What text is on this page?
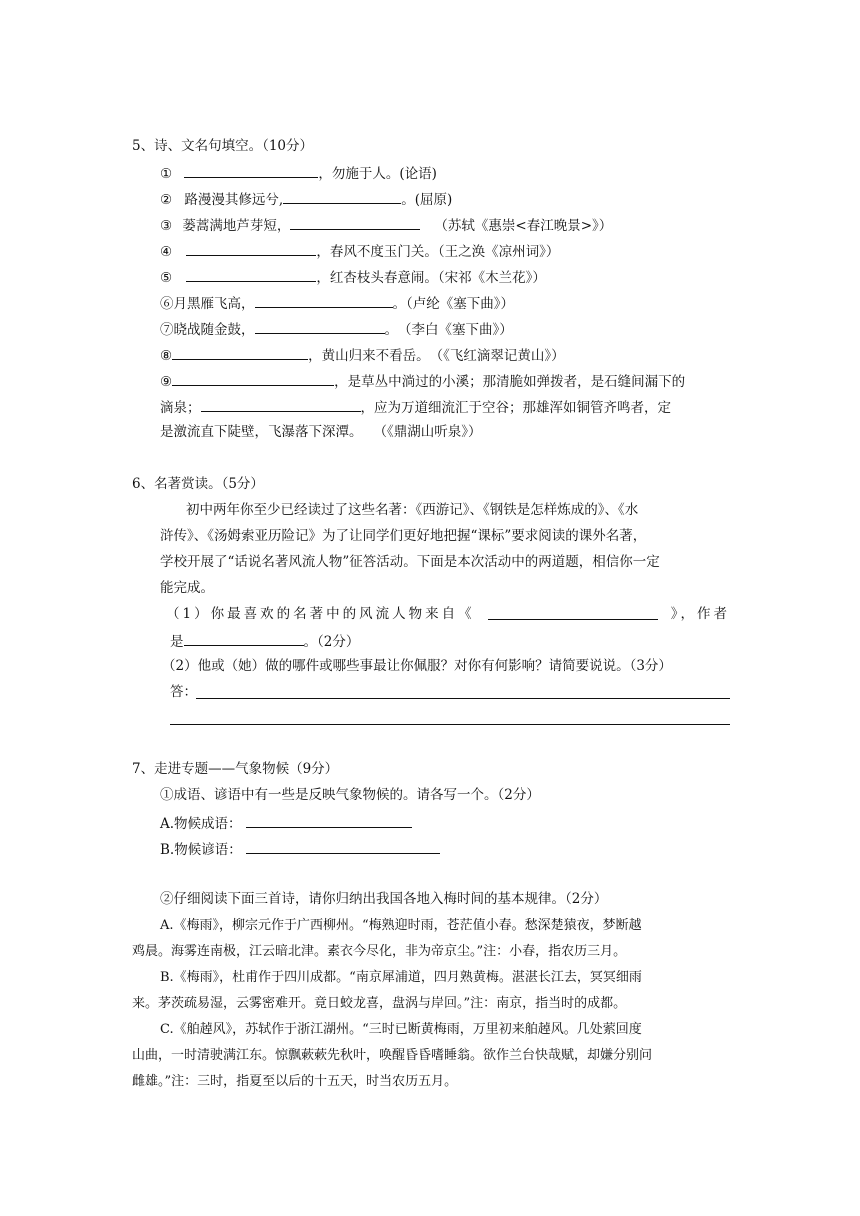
5、诗、文名句填空。（10分）
①	，勿施于人。(论语)
② 路漫漫其修远兮,	。(屈原)
③ 蒌蒿满地芦芽短，	（苏轼《惠崇<春江晚景>》）
④	，春风不度玉门关。（王之涣《凉州词》）
⑤	，红杏枝头春意闹。（宋祁《木兰花》）
⑥月黑雁飞高，	。（卢纶《塞下曲》）
⑦晓战随金鼓，	。　（李白《塞下曲》）
⑧	，黄山归来不看岳。　（《飞红滴翠记黄山》）
⑨	，是草丛中淌过的小溪；那清脆如弹拨者，是石缝间漏下的
滴泉；	，应为万道细流汇于空谷；那雄浑如铜管齐鸣者，定
是激流直下陡壁，飞瀑落下深潭。　 （《鼎湖山听泉》）
6、名著赏读。（5分）
初中两年你至少已经读过了这些名著：《西游记》、《钢铁是怎样炼成的》、《水
浒传》、《汤姆索亚历险记》为了让同学们更好地把握“课标”要求阅读的课外名著，
学校开展了“话说名著风流人物”征答活动。下面是本次活动中的两道题，相信你一定
能完成。
（1）你最喜欢的名著中的风流人物来自《	》，作者
是	。（2分）
（2）他或（她）做的哪件或哪些事最让你佩服？对你有何影响？请简要说说。（3分）
答：
7、走进专题——气象物候（9分）
①成语、谚语中有一些是反映气象物候的。请各写一个。（2分）
A.物候成语：
B.物候谚语：
②仔细阅读下面三首诗，请你归纳出我国各地入梅时间的基本规律。（2分）
A.《梅雨》，柳宗元作于广西柳州。“梅熟迎时雨，苍茫值小春。愁深楚猿夜，梦断越
鸡晨。海雾连南极，江云暗北津。素衣今尽化，非为帝京尘。”注：小春，指农历三月。
B.《梅雨》，杜甫作于四川成都。“南京犀浦道，四月熟黄梅。湛湛长江去，冥冥细雨
来。茅茨疏易湿，云雾密难开。竟日蛟龙喜，盘涡与岸回。”注：南京，指当时的成都。
C.《舶趠风》，苏轼作于浙江湖州。“三时已断黄梅雨，万里初来舶趠风。几处萦回度
山曲，一时清驶满江东。惊飘蔌蔌先秋叶，唤醒昏昏嗜睡翁。欲作兰台快哉赋，却嫌分别问
雌雄。”注：三时，指夏至以后的十五天，时当农历五月。
